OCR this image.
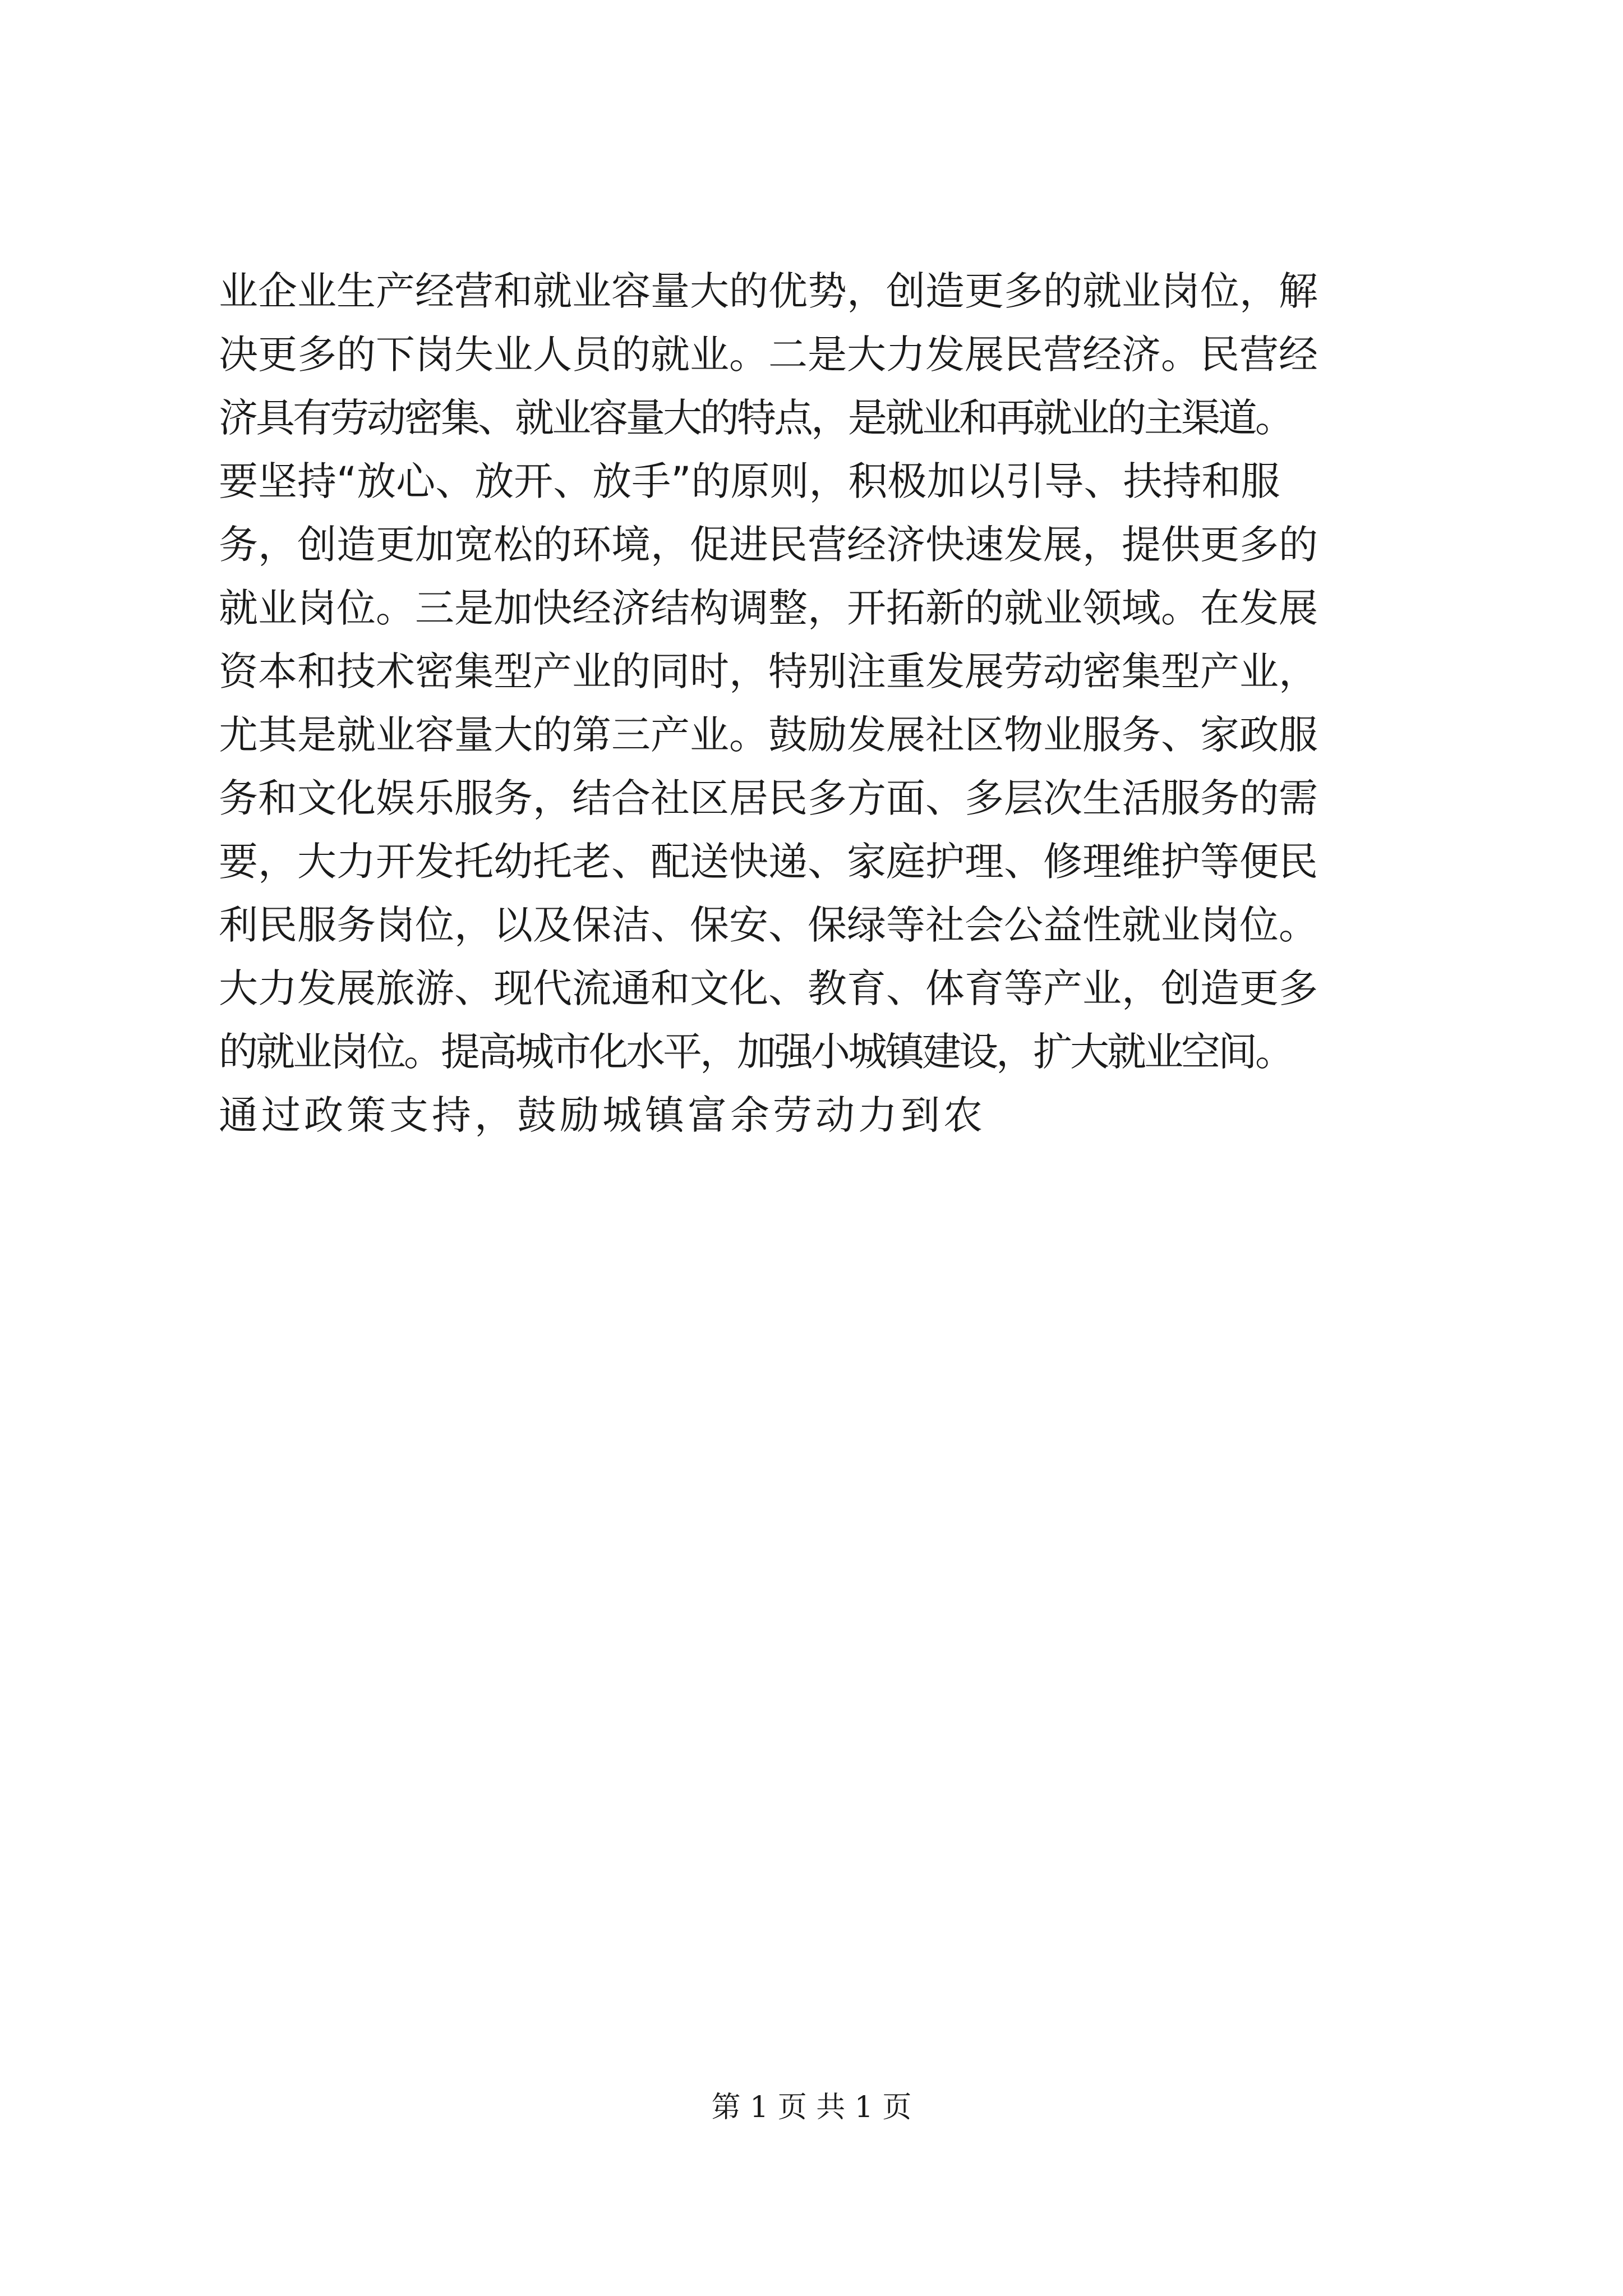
业企业生产经营和就业容量大的优势，创造更多的就业岗位，解
决更多的下岗失业人员的就业。二是大力发展民营经济。民营经
济具有劳动密集、就业容量大的特点，是就业和再就业的主渠道。
要坚持“放心、放开、放手”的原则，积极加以引导、扶持和服
务，创造更加宽松的环境，促进民营经济快速发展，提供更多的
就业岗位。三是加快经济结构调整，开拓新的就业领域。在发展
资本和技术密集型产业的同时，特别注重发展劳动密集型产业，
尤其是就业容量大的第三产业。鼓励发展社区物业服务、家政服
务和文化娱乐服务，结合社区居民多方面、多层次生活服务的需
要，大力开发托幼托老、配送快递、家庭护理、修理维护等便民
利民服务岗位，以及保洁、保安、保绿等社会公益性就业岗位。
大力发展旅游、现代流通和文化、教育、体育等产业，创造更多
的就业岗位。提高城市化水平，加强小城镇建设，扩大就业空间。
通过政策支持，鼓励城镇富余劳动力到农
第 1 页 共 1 页
